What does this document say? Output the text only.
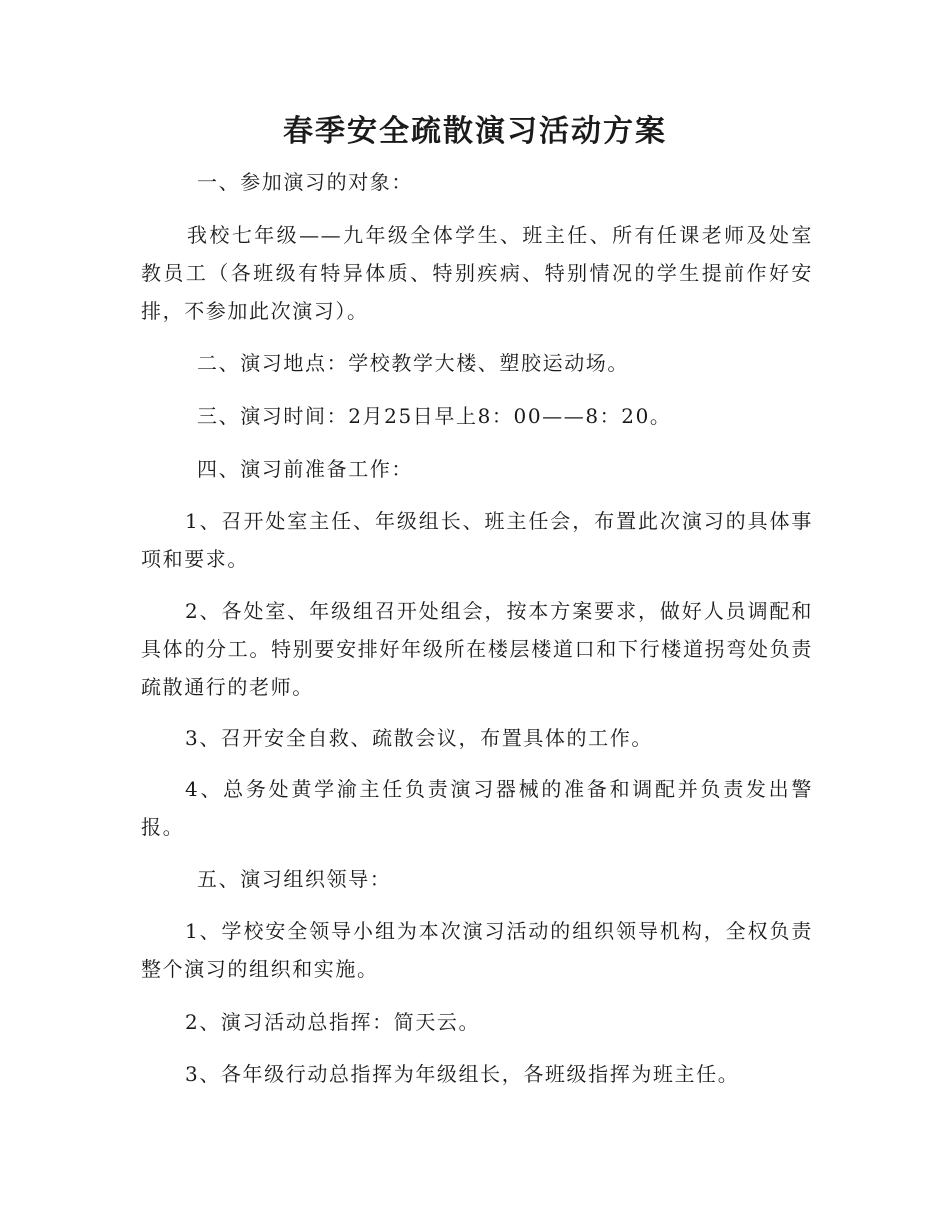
春季安全疏散演习活动方案

一、参加演习的对象：

我校七年级——九年级全体学生、班主任、所有任课老师及处室教员工（各班级有特异体质、特别疾病、特别情况的学生提前作好安排，不参加此次演习）。

二、演习地点：学校教学大楼、塑胶运动场。

三、演习时间：2月25日早上8：00——8：20。

四、演习前准备工作：

1、召开处室主任、年级组长、班主任会，布置此次演习的具体事项和要求。

2、各处室、年级组召开处组会，按本方案要求，做好人员调配和具体的分工。特别要安排好年级所在楼层楼道口和下行楼道拐弯处负责疏散通行的老师。

3、召开安全自救、疏散会议，布置具体的工作。

4、总务处黄学渝主任负责演习器械的准备和调配并负责发出警报。

五、演习组织领导：

1、学校安全领导小组为本次演习活动的组织领导机构，全权负责整个演习的组织和实施。

2、演习活动总指挥：简天云。

3、各年级行动总指挥为年级组长，各班级指挥为班主任。
